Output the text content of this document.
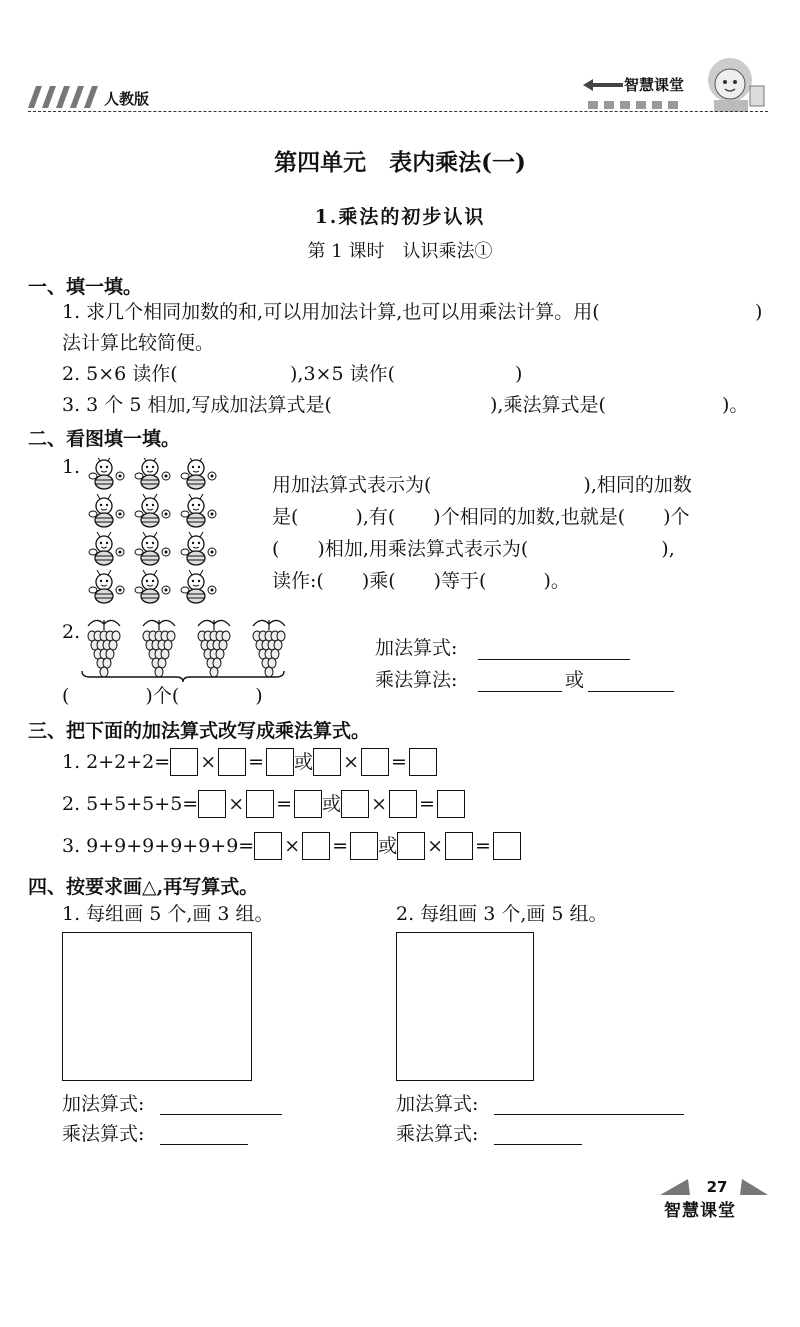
人教版
智慧课堂
第四单元　表内乘法(一)
1.乘法的初步认识
第 1 课时　认识乘法①
一、填一填。
1. 求几个相同加数的和,可以用加法计算,也可以用乘法计算。用(	)
法计算比较简便。
2. 5×6 读作(	),3×5 读作(	)
3. 3 个 5 相加,写成加法算式是(	),乘法算式是(	)。
二、看图填一填。
1.
用加法算式表示为(　　　　　　　　),相同的加数
是(　　　),有(　　)个相同的加数,也就是(　　)个
(　　)相加,用乘法算式表示为(　　　　　　　),
读作:(　　)乘(　　)等于(　　　)。
2.
(　　　　)个(　　　　)
加法算式:
乘法算法:	或
三、把下面的加法算式改写成乘法算式。
1. 2+2+2= × = 或 × =
2. 5+5+5+5= × = 或 × =
3. 9+9+9+9+9+9= × = 或 × =
四、按要求画△,再写算式。
1. 每组画 5 个,画 3 组。	2. 每组画 3 个,画 5 组。
加法算式:
乘法算式:
加法算式:
乘法算式:
27
智慧课堂
